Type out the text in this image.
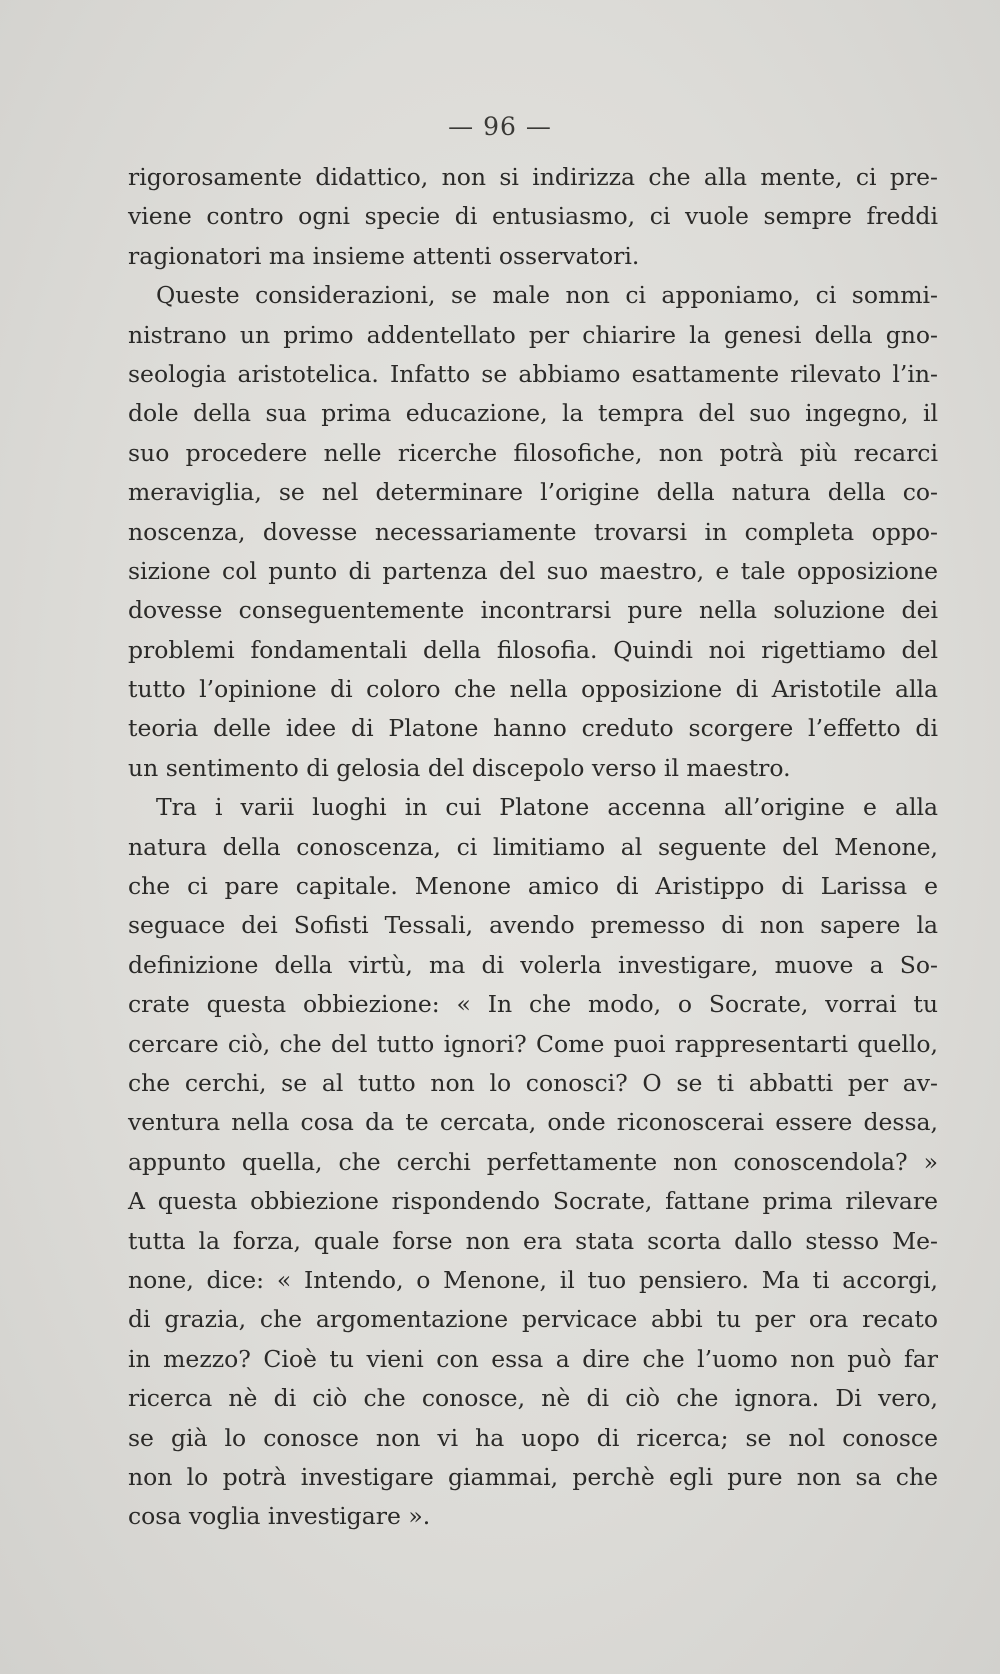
— 96 —
rigorosamente didattico, non si indirizza che alla mente, ci pre-
viene contro ogni specie di entusiasmo, ci vuole sempre freddi
ragionatori ma insieme attenti osservatori.
Queste considerazioni, se male non ci apponiamo, ci sommi-
nistrano un primo addentellato per chiarire la genesi della gno-
seologia aristotelica. Infatto se abbiamo esattamente rilevato l’in-
dole della sua prima educazione, la tempra del suo ingegno, il
suo procedere nelle ricerche filosofiche, non potrà più recarci
meraviglia, se nel determinare l’origine della natura della co-
noscenza, dovesse necessariamente trovarsi in completa oppo-
sizione col punto di partenza del suo maestro, e tale opposizione
dovesse conseguentemente incontrarsi pure nella soluzione dei
problemi fondamentali della filosofia. Quindi noi rigettiamo del
tutto l’opinione di coloro che nella opposizione di Aristotile alla
teoria delle idee di Platone hanno creduto scorgere l’effetto di
un sentimento di gelosia del discepolo verso il maestro.
Tra i varii luoghi in cui Platone accenna all’origine e alla
natura della conoscenza, ci limitiamo al seguente del Menone,
che ci pare capitale. Menone amico di Aristippo di Larissa e
seguace dei Sofisti Tessali, avendo premesso di non sapere la
definizione della virtù, ma di volerla investigare, muove a So-
crate questa obbiezione: « In che modo, o Socrate, vorrai tu
cercare ciò, che del tutto ignori? Come puoi rappresentarti quello,
che cerchi, se al tutto non lo conosci? O se ti abbatti per av-
ventura nella cosa da te cercata, onde riconoscerai essere dessa,
appunto quella, che cerchi perfettamente non conoscendola? »
A questa obbiezione rispondendo Socrate, fattane prima rilevare
tutta la forza, quale forse non era stata scorta dallo stesso Me-
none, dice: « Intendo, o Menone, il tuo pensiero. Ma ti accorgi,
di grazia, che argomentazione pervicace abbi tu per ora recato
in mezzo? Cioè tu vieni con essa a dire che l’uomo non può far
ricerca nè di ciò che conosce, nè di ciò che ignora. Di vero,
se già lo conosce non vi ha uopo di ricerca; se nol conosce
non lo potrà investigare giammai, perchè egli pure non sa che
cosa voglia investigare ».
